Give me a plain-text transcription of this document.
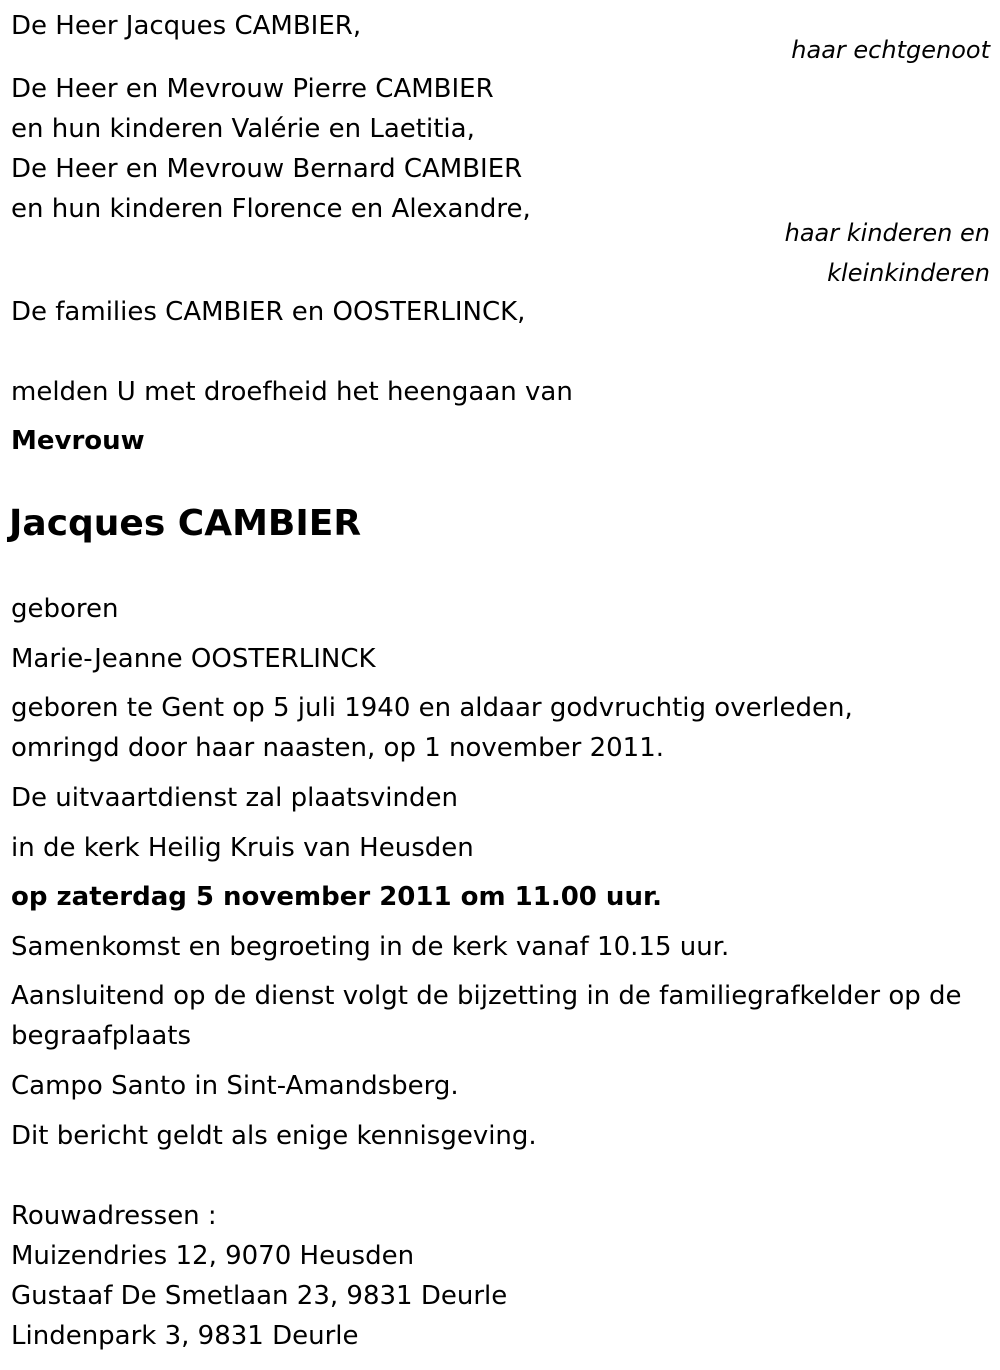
De Heer Jacques CAMBIER,
haar echtgenoot
De Heer en Mevrouw Pierre CAMBIER
en hun kinderen Valérie en Laetitia,
De Heer en Mevrouw Bernard CAMBIER
en hun kinderen Florence en Alexandre,
haar kinderen en
kleinkinderen
De families CAMBIER en OOSTERLINCK,
melden U met droefheid het heengaan van
Mevrouw
Jacques CAMBIER
geboren
Marie-Jeanne OOSTERLINCK
geboren te Gent op 5 juli 1940 en aldaar godvruchtig overleden,
omringd door haar naasten, op 1 november 2011.
De uitvaartdienst zal plaatsvinden
in de kerk Heilig Kruis van Heusden
op zaterdag 5 november 2011 om 11.00 uur.
Samenkomst en begroeting in de kerk vanaf 10.15 uur.
Aansluitend op de dienst volgt de bijzetting in de familiegrafkelder op de
begraafplaats
Campo Santo in Sint-Amandsberg.
Dit bericht geldt als enige kennisgeving.
Rouwadressen :
Muizendries 12, 9070 Heusden
Gustaaf De Smetlaan 23, 9831 Deurle
Lindenpark 3, 9831 Deurle
